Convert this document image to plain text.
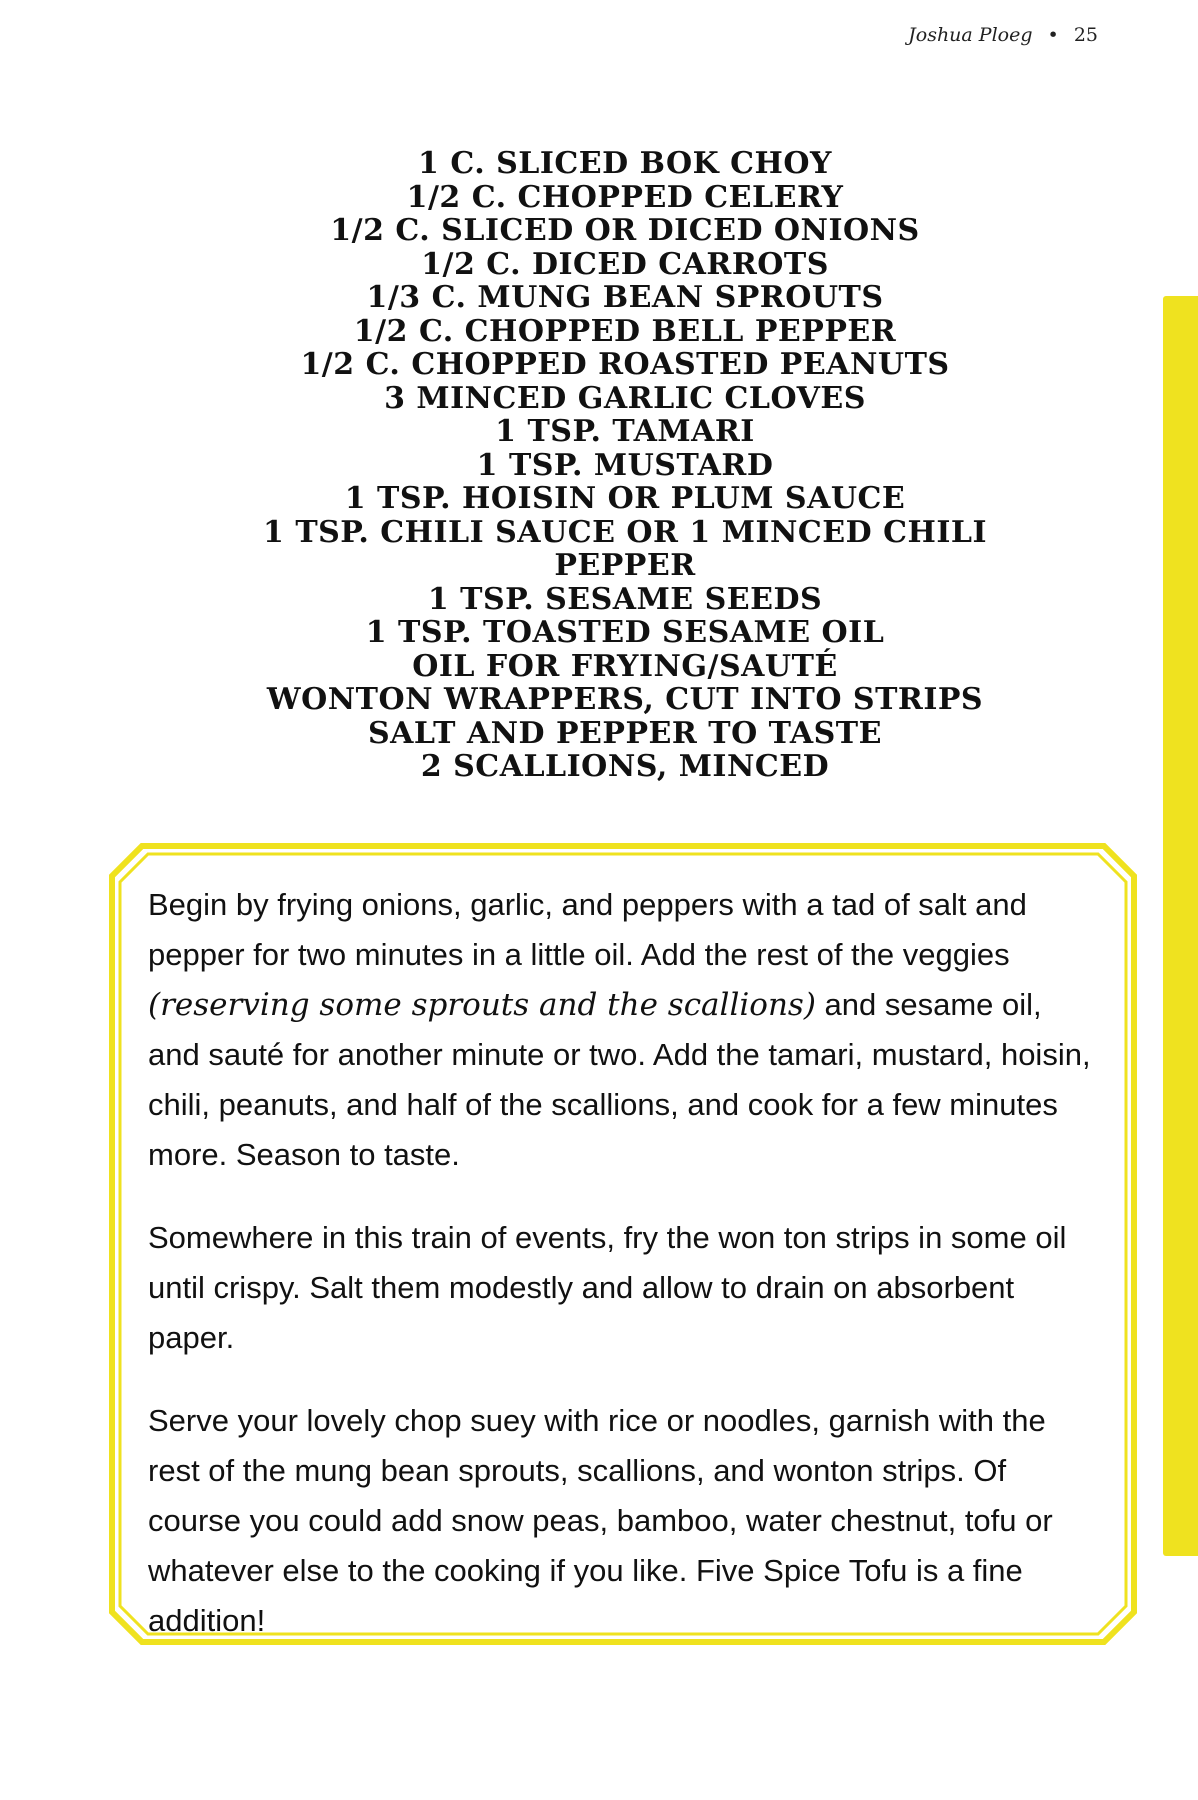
Joshua Ploeg • 25
1 C. SLICED BOK CHOY
1/2 C. CHOPPED CELERY
1/2 C. SLICED OR DICED ONIONS
1/2 C. DICED CARROTS
1/3 C. MUNG BEAN SPROUTS
1/2 C. CHOPPED BELL PEPPER
1/2 C. CHOPPED ROASTED PEANUTS
3 MINCED GARLIC CLOVES
1 TSP. TAMARI
1 TSP. MUSTARD
1 TSP. HOISIN OR PLUM SAUCE
1 TSP. CHILI SAUCE OR 1 MINCED CHILI
PEPPER
1 TSP. SESAME SEEDS
1 TSP. TOASTED SESAME OIL
OIL FOR FRYING/SAUTÉ
WONTON WRAPPERS, CUT INTO STRIPS
SALT AND PEPPER TO TASTE
2 SCALLIONS, MINCED

Begin by frying onions, garlic, and peppers with a tad of salt and pepper for two minutes in a little oil. Add the rest of the veggies (reserving some sprouts and the scallions) and sesame oil, and sauté for another minute or two. Add the tamari, mustard, hoisin, chili, peanuts, and half of the scallions, and cook for a few minutes more. Season to taste.

Somewhere in this train of events, fry the won ton strips in some oil until crispy. Salt them modestly and allow to drain on absorbent paper.

Serve your lovely chop suey with rice or noodles, garnish with the rest of the mung bean sprouts, scallions, and wonton strips. Of course you could add snow peas, bamboo, water chestnut, tofu or whatever else to the cooking if you like. Five Spice Tofu is a fine addition!
